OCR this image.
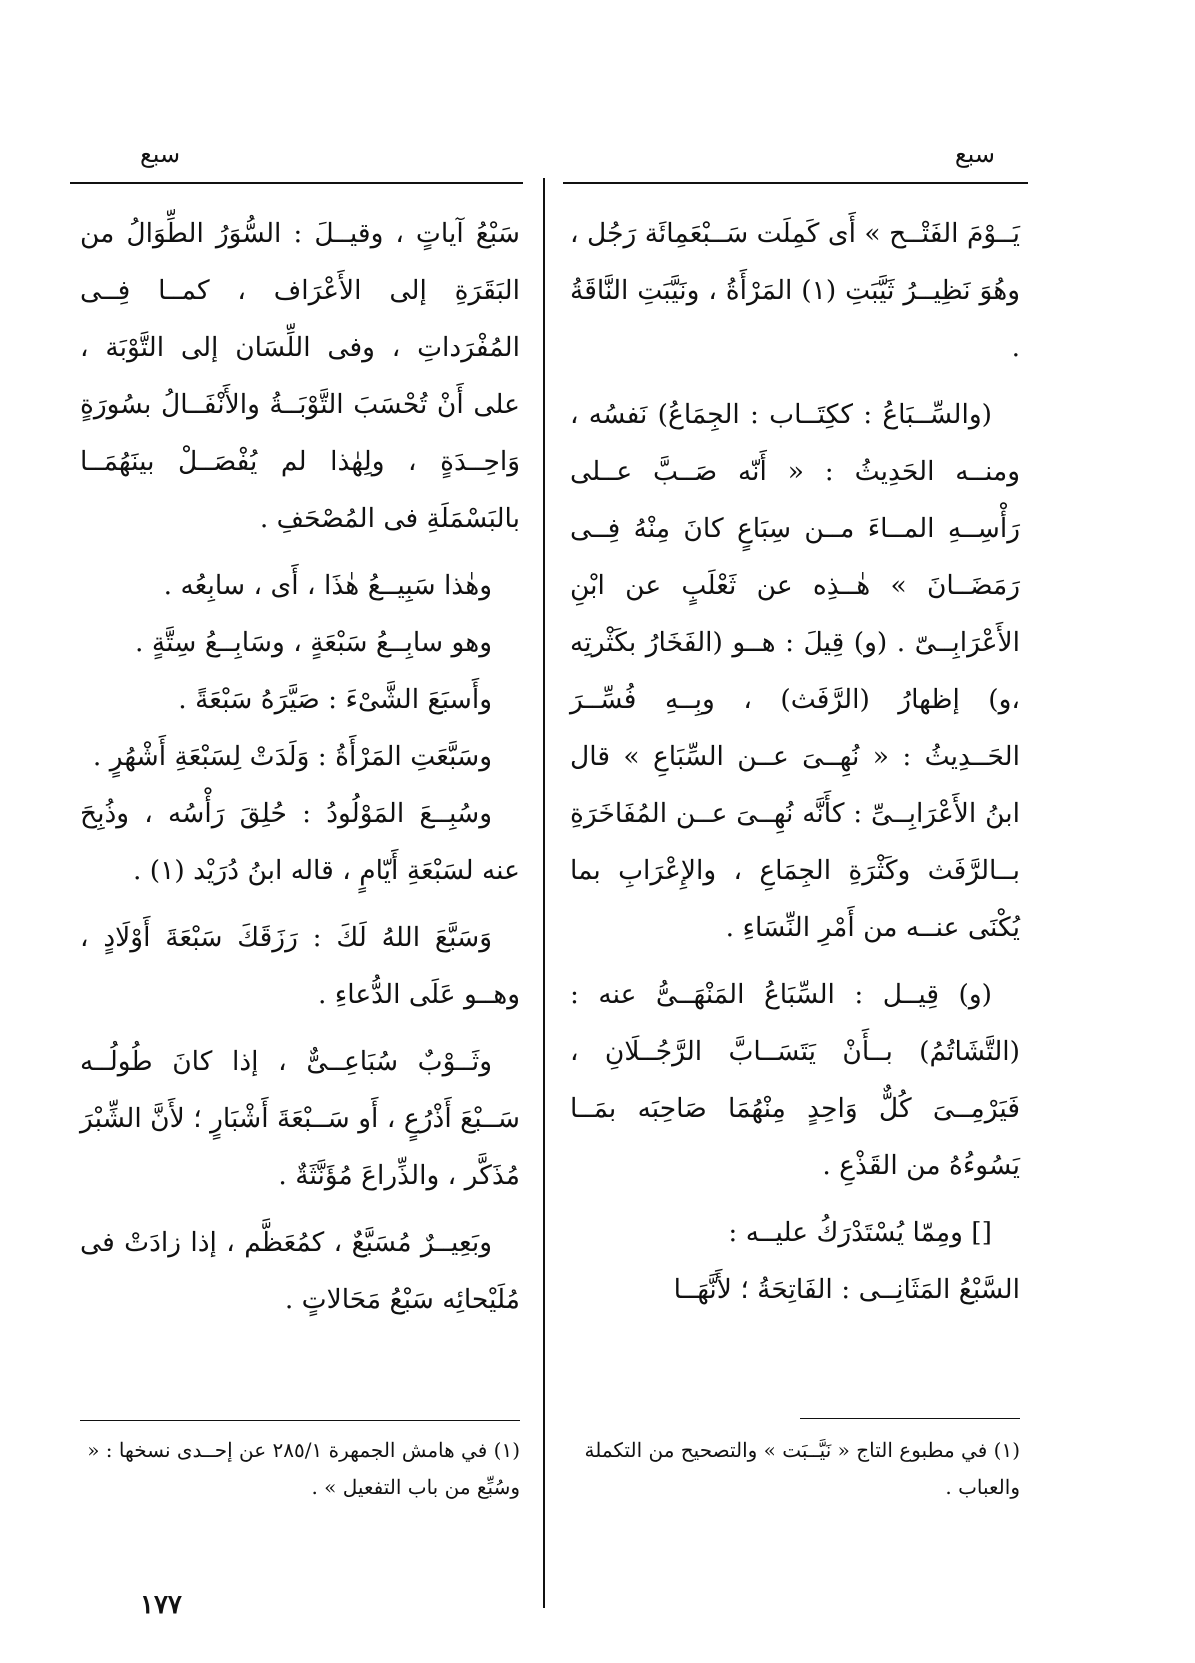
سبع
سبع

يَــوْمَ الفَتْــح » أَى كَمِلَت سَــبْعَمِائَة رَجُل ، وهُوَ نَظِيــرُ ثَيَّبَتِ (١) المَرْأَةُ ، ونَيَّبَتِ النَّاقَةُ .

(والسِّــبَاعُ : ككِتَــاب : الجِمَاعُ) نَفسُه ، ومنــه الحَدِيثُ : « أَنّه صَــبَّ عــلى رَأْسِــهِ المــاءَ مــن سِبَاعٍ كانَ مِنْهُ فِــى رَمَضَــانَ » هٰــذِه عن ثَعْلَبٍ عن ابْنِ الأَعْرَابِــىّ . (و) قِيلَ : هــو (الفَخَارُ بكَثْرتِه ،و) إظهارُ (الرَّفَث) ، وبِــهِ فُسِّــرَ الحَــدِيثُ : « نُهِــىَ عــن السِّبَاعِ » قال ابنُ الأَعْرَابِــىِّ : كأَنَّه نُهِــىَ عــن المُفَاخَرَةِ بــالرَّفَث وكَثْرَةِ الجِمَاعِ ، والإِعْرَابِ بما يُكْنَى عنــه من أَمْرِ النِّسَاءِ .

(و) قِيــل : السِّبَاعُ المَنْهَــىُّ عنه : (التَّشَاتُمُ) بــأَنْ يَتَسَــابَّ الرَّجُــلَانِ ، فَيَرْمِــىَ كُلٌّ وَاحِدٍ مِنْهُمَا صَاحِبَه بمَــا يَسُوءُهُ من القَذْعِ .

[] ومِمّا يُسْتَدْرَكُ عليــه :

السَّبْعُ المَثَانِــى : الفَاتِحَةُ ؛ لأَنَّهَــا

سَبْعُ آياتٍ ، وقيــلَ : السُّوَرُ الطِّوَالُ من البَقَرَةِ إلى الأَعْرَاف ، كمــا فِــى المُفْرَداتِ ، وفى اللِّسَان إلى التَّوْبَة ، على أَنْ تُحْسَبَ التَّوْبَــةُ والأَنْفَــالُ بسُورَةٍ وَاحِــدَةٍ ، ولِهٰذا لم يُفْصَــلْ بينَهُمَــا بالبَسْمَلَةِ فى المُصْحَفِ .

وهٰذا سَبِيــعُ هٰذَا ، أَى ، سابِعُه .

وهو سابِــعُ سَبْعَةٍ ، وسَابِــعُ سِتَّةٍ .

وأَسبَعَ الشَّىْءَ : صَيَّرَهُ سَبْعَةً .

وسَبَّعَتِ المَرْأَةُ : وَلَدَتْ لِسَبْعَةِ أَشْهُرٍ .

وسُبِــعَ المَوْلُودُ : حُلِقَ رَأْسُه ، وذُبِحَ عنه لسَبْعَةِ أَيّامٍ ، قاله ابنُ دُرَيْد (١) .

وَسَبَّعَ اللهُ لَكَ : رَزَقَكَ سَبْعَةَ أَوْلَادٍ ، وهــو عَلَى الدُّعاءِ .

وثَــوْبٌ سُبَاعِــىٌّ ، إذا كانَ طُولُــه سَــبْعَ أَذْرُعٍ ، أَو سَــبْعَةَ أَشْبَارٍ ؛ لأَنَّ الشِّبْرَ مُذَكَّر ، والذِّراعَ مُؤَنَّثَةٌ .

وبَعِيــرٌ مُسَبَّعٌ ، كمُعَظَّم ، إذا زادَتْ فى مُلَيْحائِه سَبْعُ مَحَالاتٍ .

(١) في مطبوع التاج « نَيَّــبَت » والتصحيح من التكملة والعباب .

(١) في هامش الجمهرة ٢٨٥/١ عن إحــدى نسخها : « وسُبِّع من باب التفعيل » .

١٧٧
